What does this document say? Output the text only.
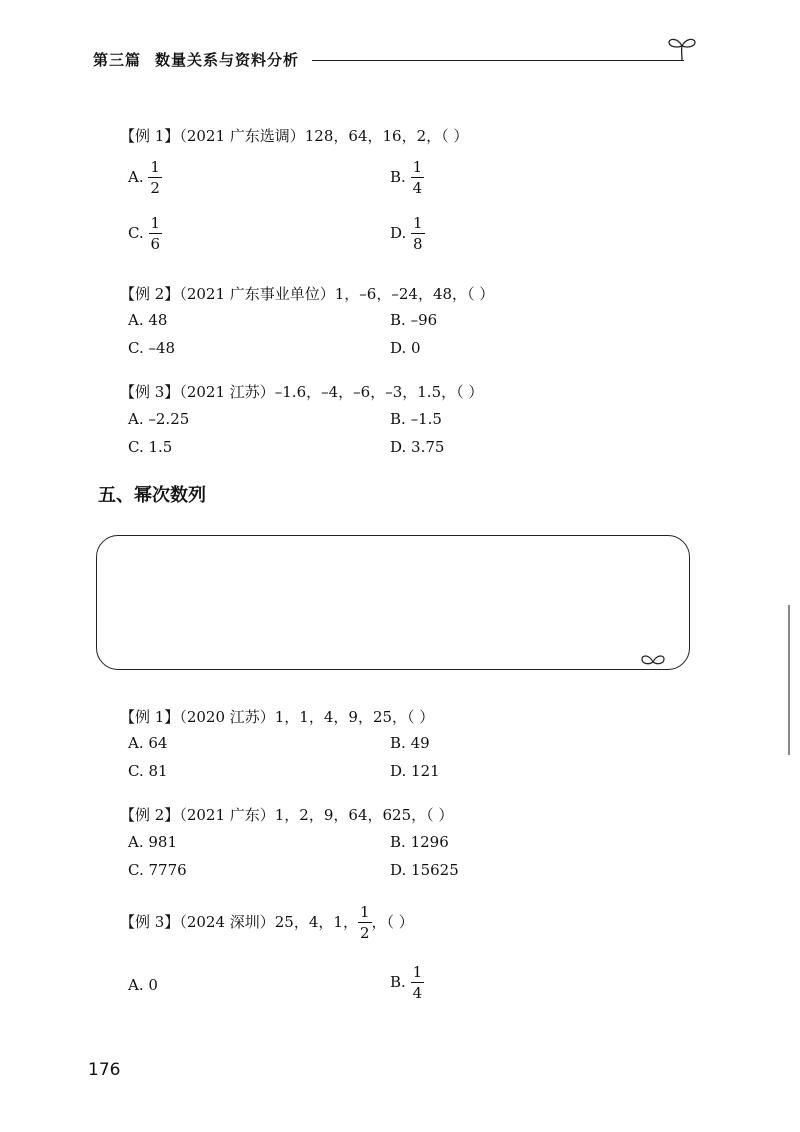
第三篇 数量关系与资料分析
【例 1】（2021 广东选调）128，64，16，2，（ ）
A. $\frac{1}{2}$	B. $\frac{1}{4}$
C. $\frac{1}{6}$	D. $\frac{1}{8}$
【例 2】（2021 广东事业单位）1，–6，–24，48，（ ）
A. 48	B. –96
C. –48	D. 0
【例 3】（2021 江苏）–1.6，–4，–6，–3，1.5，（ ）
A. –2.25	B. –1.5
C. 1.5	D. 3.75
五、幂次数列
【例 1】（2020 江苏）1，1，4，9，25，（ ）
A. 64	B. 49
C. 81	D. 121
【例 2】（2021 广东）1，2，9，64，625，（ ）
A. 981	B. 1296
C. 7776	D. 15625
【例 3】（2024 深圳）25，4，1， $\frac{1}{2}$ ，（ ）
A. 0	B. $\frac{1}{4}$
176
